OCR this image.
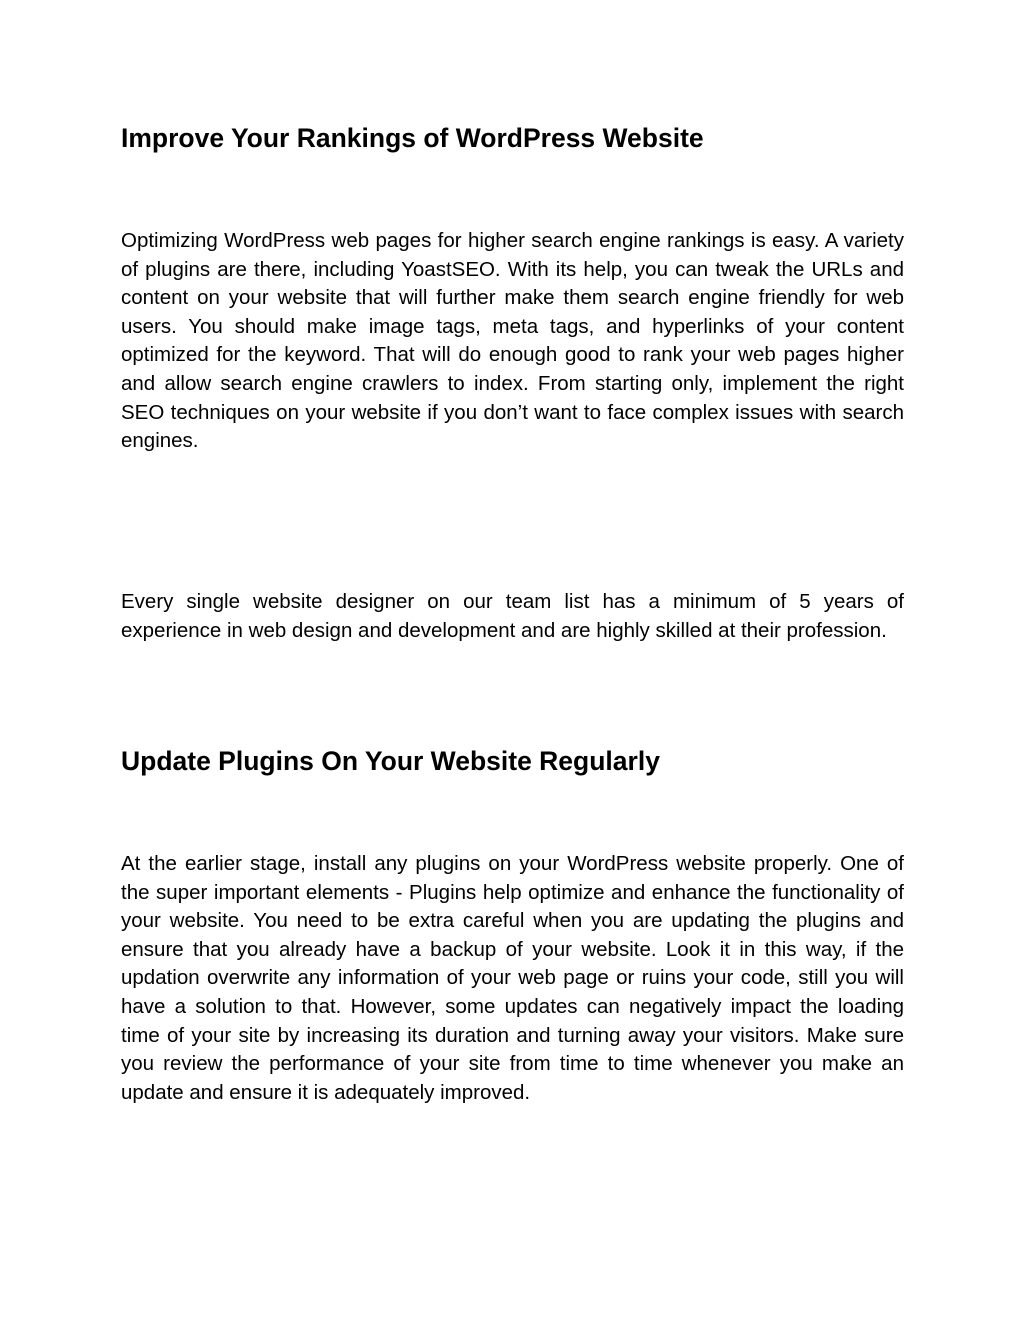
Improve Your Rankings of WordPress Website

Optimizing WordPress web pages for higher search engine rankings is easy. A variety of plugins are there, including YoastSEO. With its help, you can tweak the URLs and content on your website that will further make them search engine friendly for web users. You should make image tags, meta tags, and hyperlinks of your content optimized for the keyword. That will do enough good to rank your web pages higher and allow search engine crawlers to index. From starting only, implement the right SEO techniques on your website if you don’t want to face complex issues with search engines.

Every single website designer on our team list has a minimum of 5 years of experience in web design and development and are highly skilled at their profession.

Update Plugins On Your Website Regularly

At the earlier stage, install any plugins on your WordPress website properly. One of the super important elements - Plugins help optimize and enhance the functionality of your website. You need to be extra careful when you are updating the plugins and ensure that you already have a backup of your website. Look it in this way, if the updation overwrite any information of your web page or ruins your code, still you will have a solution to that. However, some updates can negatively impact the loading time of your site by increasing its duration and turning away your visitors. Make sure you review the performance of your site from time to time whenever you make an update and ensure it is adequately improved.
